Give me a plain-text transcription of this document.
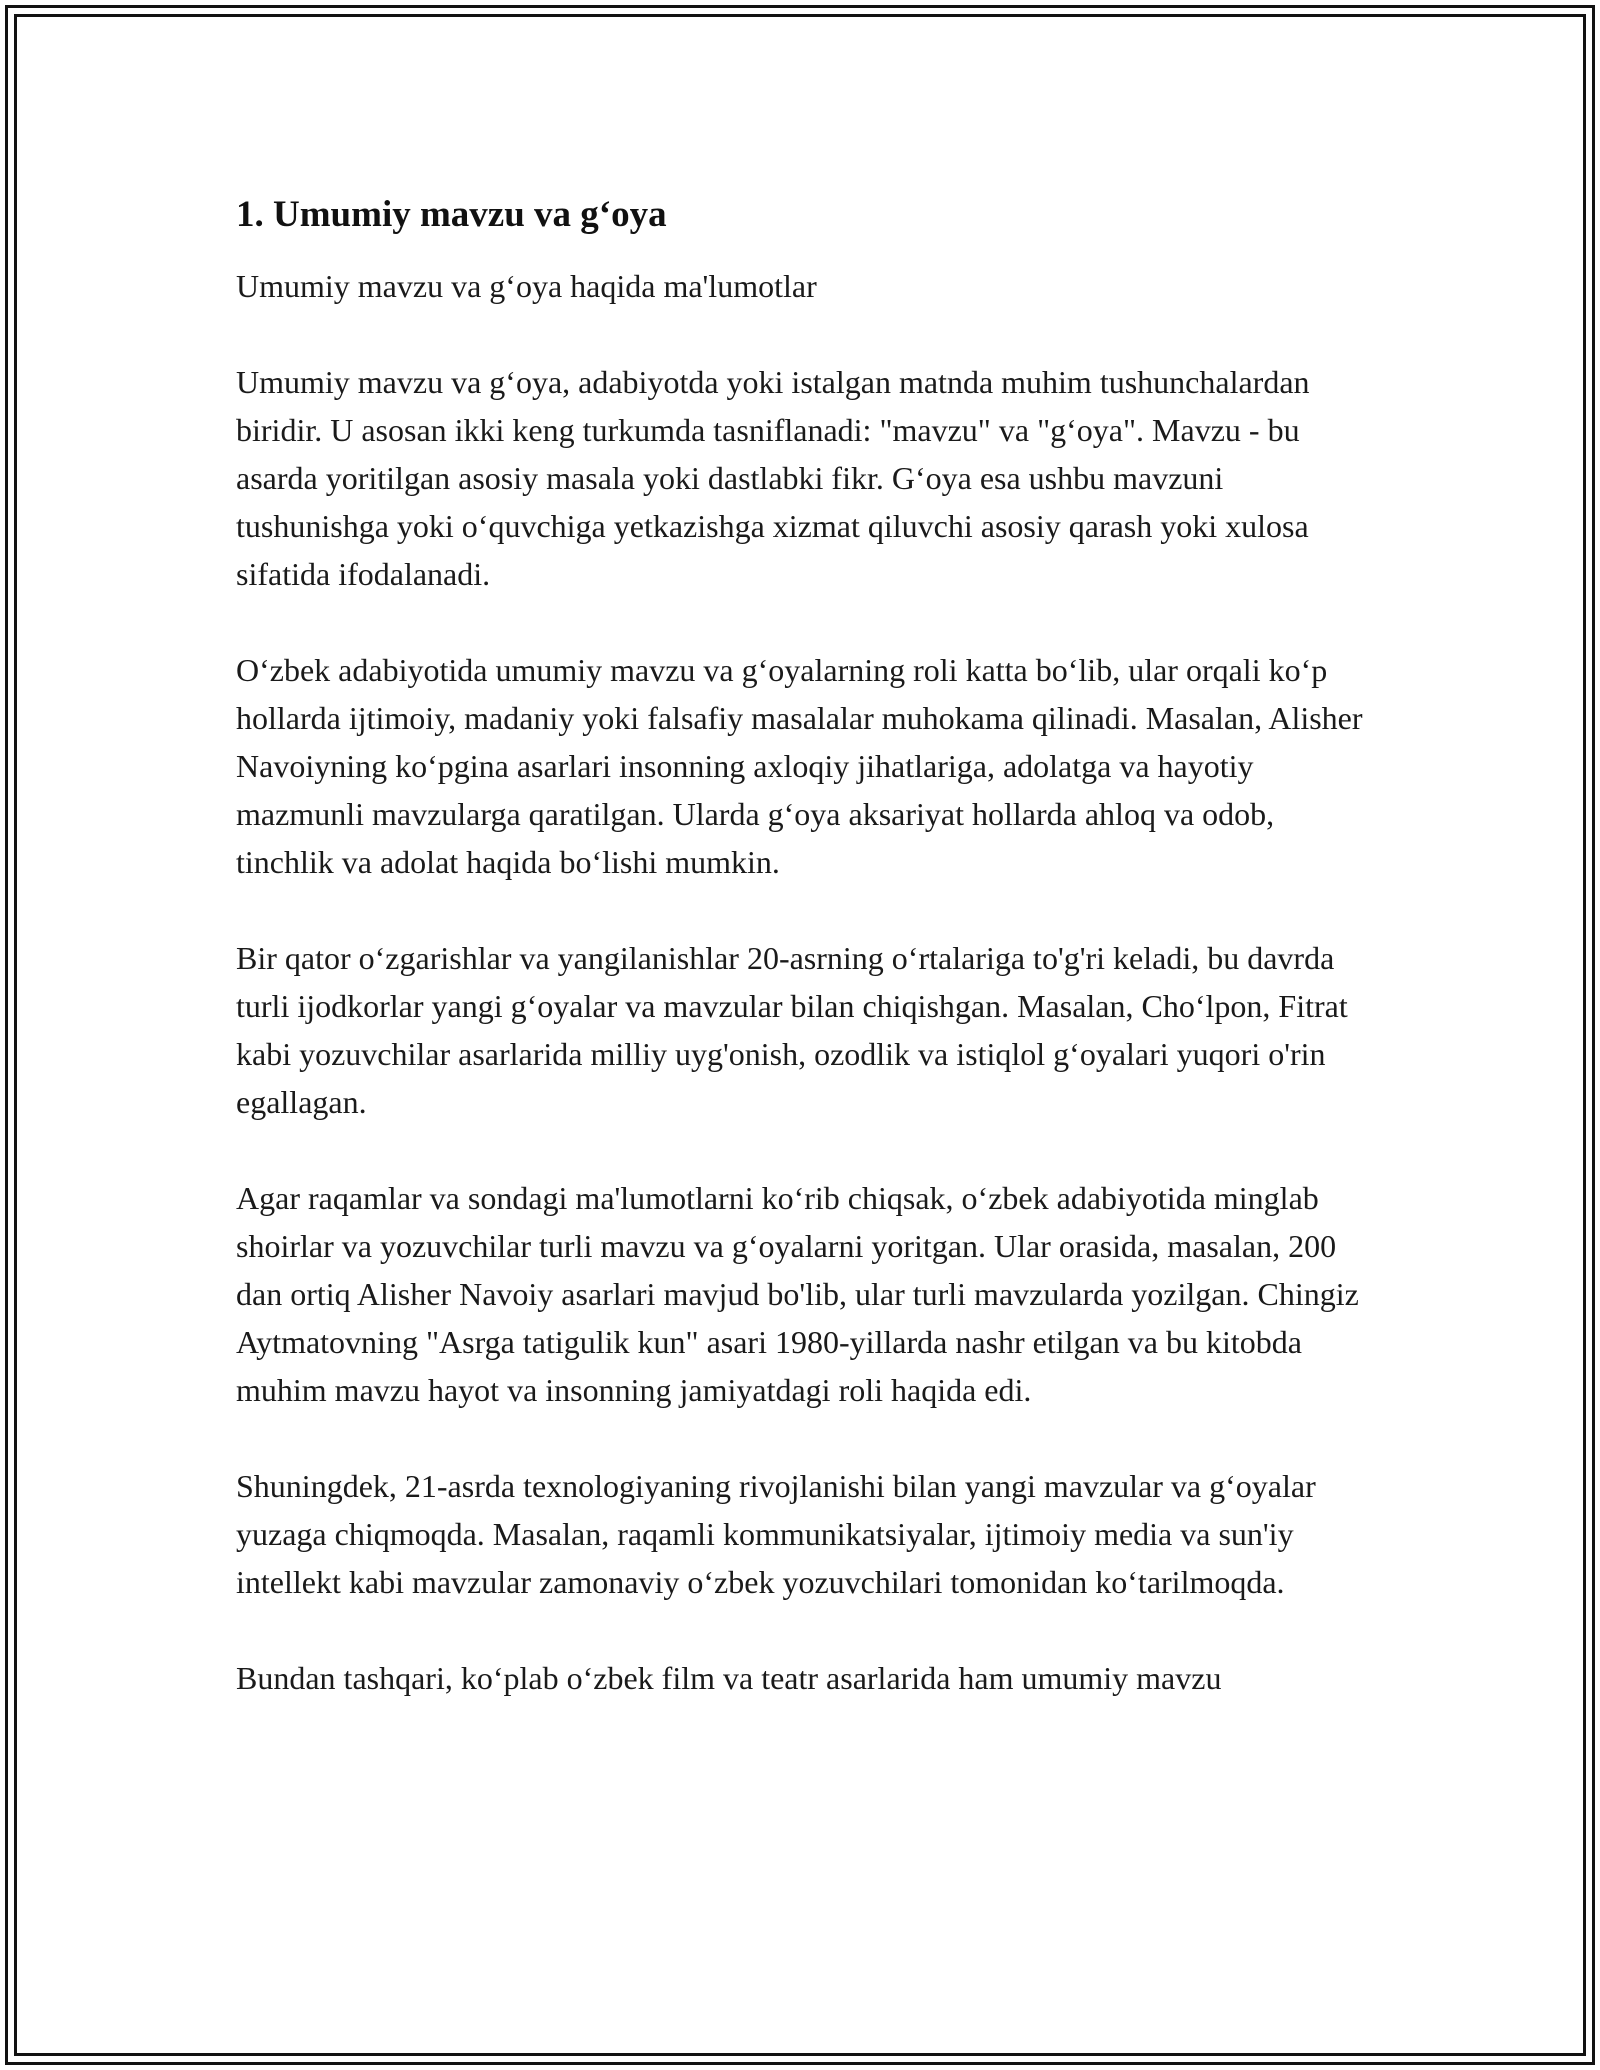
1. Umumiy mavzu va g‘oya

Umumiy mavzu va g‘oya haqida ma'lumotlar

Umumiy mavzu va g‘oya, adabiyotda yoki istalgan matnda muhim tushunchalardan biridir. U asosan ikki keng turkumda tasniflanadi: "mavzu" va "g‘oya". Mavzu - bu asarda yoritilgan asosiy masala yoki dastlabki fikr. G‘oya esa ushbu mavzuni tushunishga yoki o‘quvchiga yetkazishga xizmat qiluvchi asosiy qarash yoki xulosa sifatida ifodalanadi.

O‘zbek adabiyotida umumiy mavzu va g‘oyalarning roli katta bo‘lib, ular orqali ko‘p hollarda ijtimoiy, madaniy yoki falsafiy masalalar muhokama qilinadi. Masalan, Alisher Navoiyning ko‘pgina asarlari insonning axloqiy jihatlariga, adolatga va hayotiy mazmunli mavzularga qaratilgan. Ularda g‘oya aksariyat hollarda ahloq va odob, tinchlik va adolat haqida bo‘lishi mumkin.

Bir qator o‘zgarishlar va yangilanishlar 20-asrning o‘rtalariga to'g'ri keladi, bu davrda turli ijodkorlar yangi g‘oyalar va mavzular bilan chiqishgan. Masalan, Cho‘lpon, Fitrat kabi yozuvchilar asarlarida milliy uyg'onish, ozodlik va istiqlol g‘oyalari yuqori o'rin egallagan.

Agar raqamlar va sondagi ma'lumotlarni ko‘rib chiqsak, o‘zbek adabiyotida minglab shoirlar va yozuvchilar turli mavzu va g‘oyalarni yoritgan. Ular orasida, masalan, 200 dan ortiq Alisher Navoiy asarlari mavjud bo'lib, ular turli mavzularda yozilgan. Chingiz Aytmatovning "Asrga tatigulik kun" asari 1980-yillarda nashr etilgan va bu kitobda muhim mavzu hayot va insonning jamiyatdagi roli haqida edi.

Shuningdek, 21-asrda texnologiyaning rivojlanishi bilan yangi mavzular va g‘oyalar yuzaga chiqmoqda. Masalan, raqamli kommunikatsiyalar, ijtimoiy media va sun'iy intellekt kabi mavzular zamonaviy o‘zbek yozuvchilari tomonidan ko‘tarilmoqda.

Bundan tashqari, ko‘plab o‘zbek film va teatr asarlarida ham umumiy mavzu
